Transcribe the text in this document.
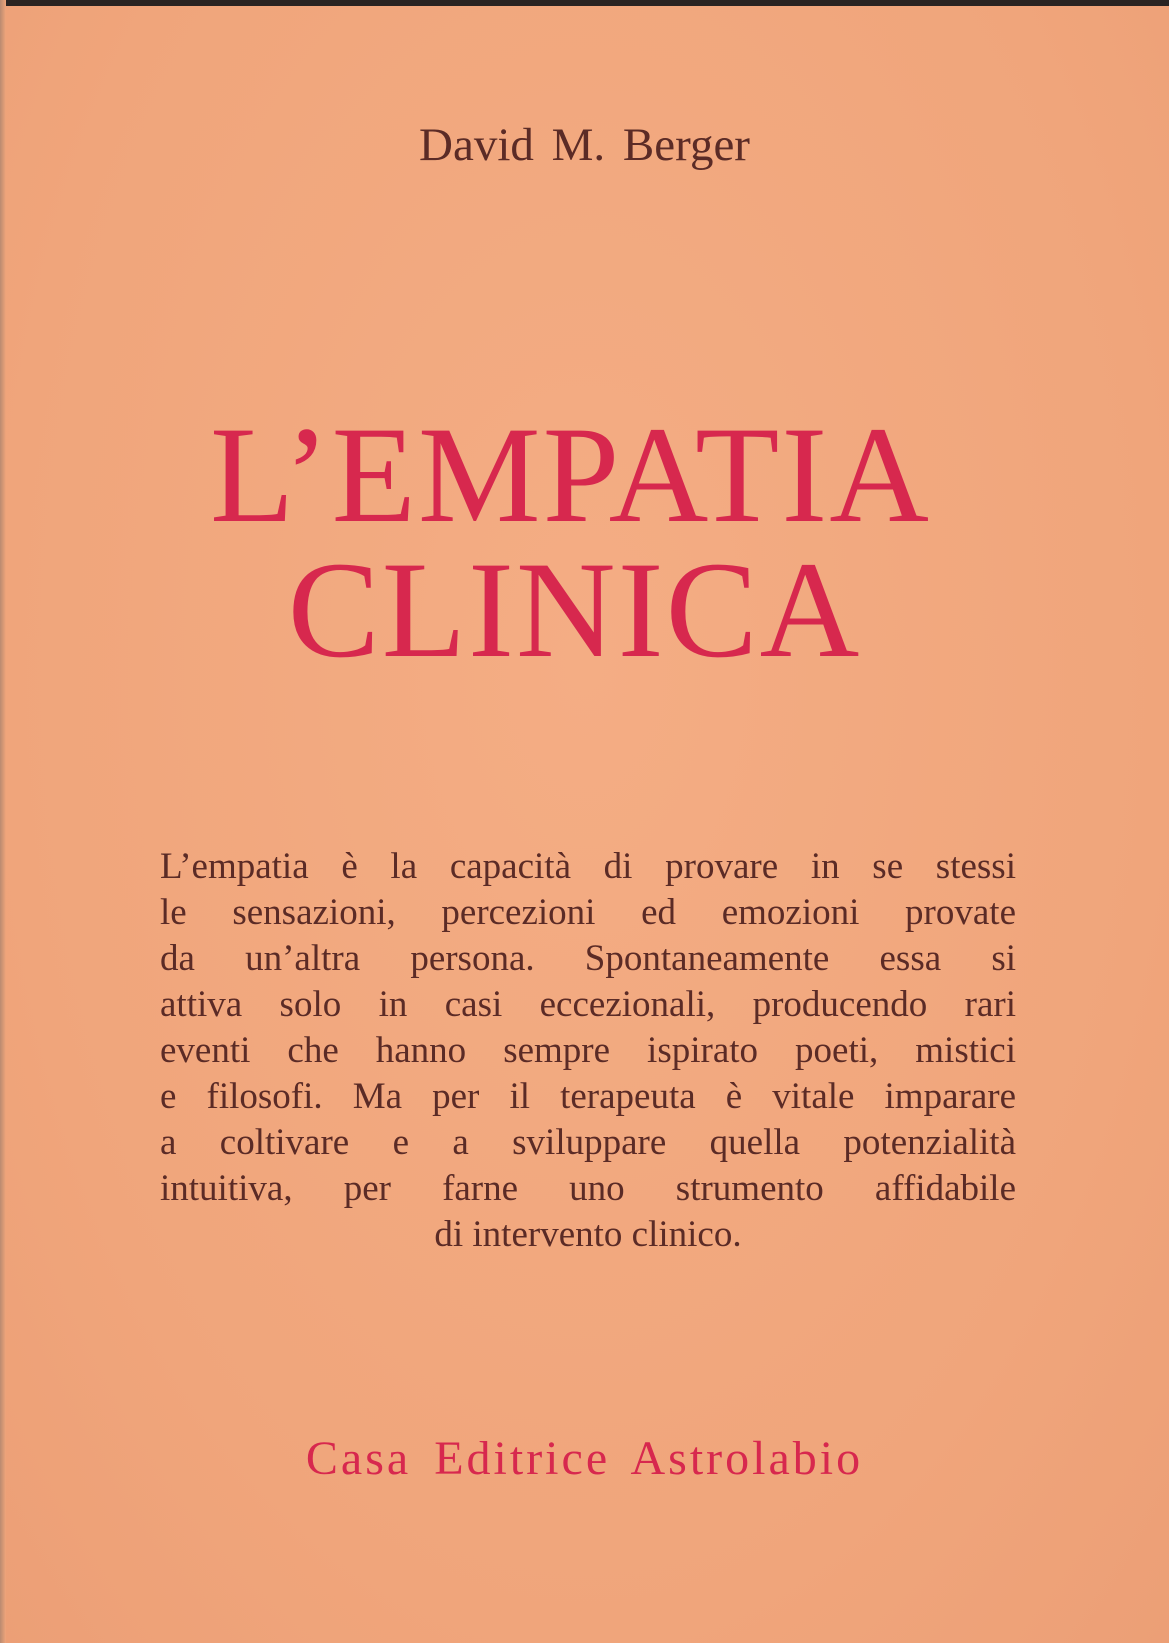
David M. Berger
L’EMPATIA
CLINICA
L’empatia è la capacità di provare in se stessi
le sensazioni, percezioni ed emozioni provate
da un’altra persona. Spontaneamente essa si
attiva solo in casi eccezionali, producendo rari
eventi che hanno sempre ispirato poeti, mistici
e filosofi. Ma per il terapeuta è vitale imparare
a coltivare e a sviluppare quella potenzialità
intuitiva, per farne uno strumento affidabile
di intervento clinico.
Casa Editrice Astrolabio
